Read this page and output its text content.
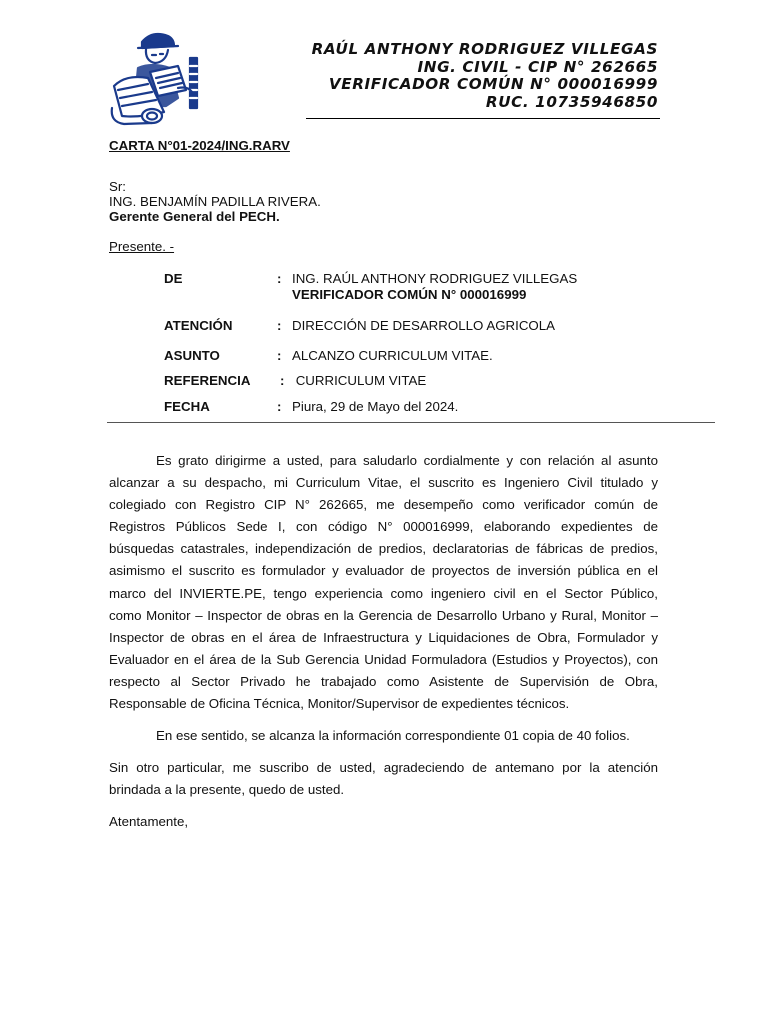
RAÚL ANTHONY RODRIGUEZ VILLEGAS
ING. CIVIL - CIP N° 262665
VERIFICADOR COMÚN N° 000016999
RUC. 10735946850
CARTA N°01-2024/ING.RARV
Sr:
ING. BENJAMÍN PADILLA RIVERA.
Gerente General del PECH.
Presente. -
DE	: ING. RAÚL ANTHONY RODRIGUEZ VILLEGAS
VERIFICADOR COMÚN N° 000016999
ATENCIÓN	: DIRECCIÓN DE DESARROLLO AGRICOLA
ASUNTO	: ALCANZO CURRICULUM VITAE.
REFERENCIA : CURRICULUM VITAE
FECHA	: Piura, 29 de Mayo del 2024.
Es grato dirigirme a usted, para saludarlo cordialmente y con relación al asunto
alcanzar a su despacho, mi Curriculum Vitae, el suscrito es Ingeniero Civil titulado y
colegiado con Registro CIP N° 262665, me desempeño como verificador común de
Registros Públicos Sede I, con código N° 000016999, elaborando expedientes de
búsquedas catastrales, independización de predios, declaratorias de fábricas de predios,
asimismo el suscrito es formulador y evaluador de proyectos de inversión pública en el
marco del INVIERTE.PE, tengo experiencia como ingeniero civil en el Sector Público,
como Monitor – Inspector de obras en la Gerencia de Desarrollo Urbano y Rural, Monitor –
Inspector de obras en el área de Infraestructura y Liquidaciones de Obra, Formulador y
Evaluador en el área de la Sub Gerencia Unidad Formuladora (Estudios y Proyectos), con
respecto al Sector Privado he trabajado como Asistente de Supervisión de Obra,
Responsable de Oficina Técnica, Monitor/Supervisor de expedientes técnicos.
En ese sentido, se alcanza la información correspondiente 01 copia de 40 folios.
Sin otro particular, me suscribo de usted, agradeciendo de antemano por la atención
brindada a la presente, quedo de usted.
Atentamente,
